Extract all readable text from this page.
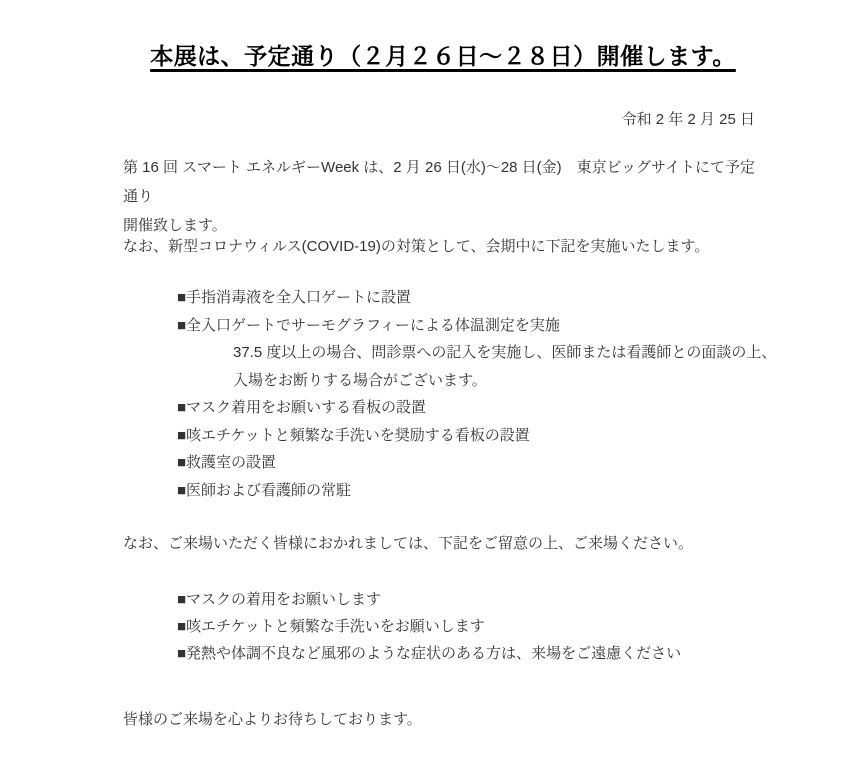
本展は、予定通り（２月２６日～２８日）開催します。
令和 2 年 2 月 25 日
第 16 回 スマート エネルギーWeek は、2 月 26 日(水)～28 日(金)　東京ビッグサイトにて予定通り
開催致します。
なお、新型コロナウィルス(COVID-19)の対策として、会期中に下記を実施いたします。
■手指消毒液を全入口ゲートに設置
■全入口ゲートでサーモグラフィーによる体温測定を実施
37.5 度以上の場合、問診票への記入を実施し、医師または看護師との面談の上、
入場をお断りする場合がございます。
■マスク着用をお願いする看板の設置
■咳エチケットと頻繁な手洗いを奨励する看板の設置
■救護室の設置
■医師および看護師の常駐
なお、ご来場いただく皆様におかれましては、下記をご留意の上、ご来場ください。
■マスクの着用をお願いします
■咳エチケットと頻繁な手洗いをお願いします
■発熱や体調不良など風邪のような症状のある方は、来場をご遠慮ください
皆様のご来場を心よりお待ちしております。
